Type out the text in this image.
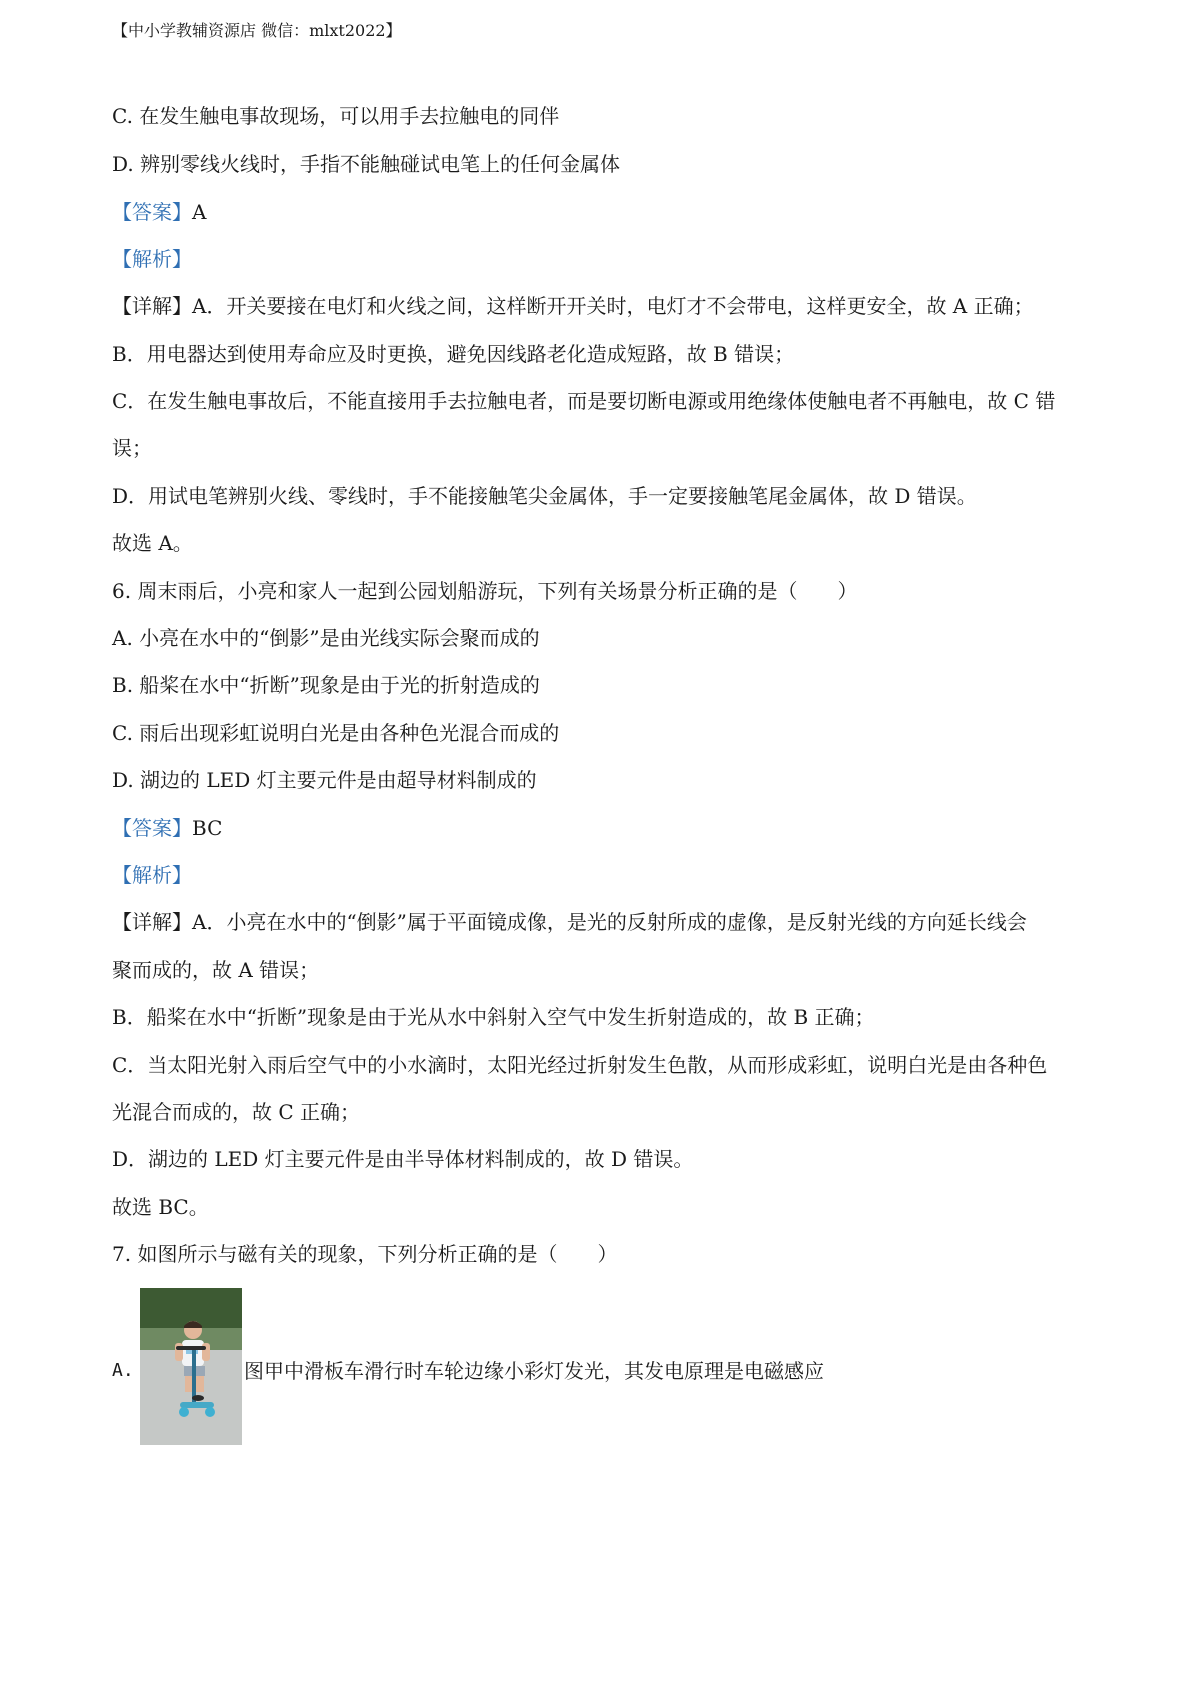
【中小学教辅资源店 微信：mlxt2022】
C. 在发生触电事故现场，可以用手去拉触电的同伴
D. 辨别零线火线时，手指不能触碰试电笔上的任何金属体
【答案】A
【解析】
【详解】A．开关要接在电灯和火线之间，这样断开开关时，电灯才不会带电，这样更安全，故 A 正确；
B．用电器达到使用寿命应及时更换，避免因线路老化造成短路，故 B 错误；
C．在发生触电事故后，不能直接用手去拉触电者，而是要切断电源或用绝缘体使触电者不再触电，故 C 错
误；
D．用试电笔辨别火线、零线时，手不能接触笔尖金属体，手一定要接触笔尾金属体，故 D 错误。
故选 A。
6. 周末雨后，小亮和家人一起到公园划船游玩，下列有关场景分析正确的是（　　）
A. 小亮在水中的“倒影”是由光线实际会聚而成的
B. 船桨在水中“折断”现象是由于光的折射造成的
C. 雨后出现彩虹说明白光是由各种色光混合而成的
D. 湖边的 LED 灯主要元件是由超导材料制成的
【答案】BC
【解析】
【详解】A．小亮在水中的“倒影”属于平面镜成像，是光的反射所成的虚像，是反射光线的方向延长线会
聚而成的，故 A 错误；
B．船桨在水中“折断”现象是由于光从水中斜射入空气中发生折射造成的，故 B 正确；
C．当太阳光射入雨后空气中的小水滴时，太阳光经过折射发生色散，从而形成彩虹，说明白光是由各种色
光混合而成的，故 C 正确；
D．湖边的 LED 灯主要元件是由半导体材料制成的，故 D 错误。
故选 BC。
7. 如图所示与磁有关的现象，下列分析正确的是（　　）
A.	图甲中滑板车滑行时车轮边缘小彩灯发光，其发电原理是电磁感应
